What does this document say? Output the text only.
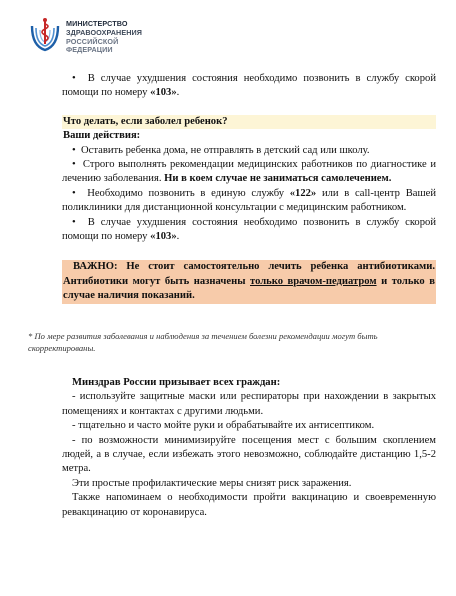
МИНИСТЕРСТВО
ЗДРАВООХРАНЕНИЯ
РОССИЙСКОЙ ФЕДЕРАЦИИ

•  В случае ухудшения состояния необходимо позвонить в службу скорой помощи по номеру «103».

Что делать, если заболел ребенок?

Ваши действия:

•  Оставить ребенка дома, не отправлять в детский сад или школу.

•  Строго выполнять рекомендации медицинских работников по диагностике и лечению заболевания. Ни в коем случае не заниматься самолечением.

•  Необходимо позвонить в единую службу «122» или в call-центр Вашей поликлиники для дистанционной консультации с медицинским работником.

•  В случае ухудшения состояния необходимо позвонить в службу скорой помощи по номеру «103».

ВАЖНО: Не стоит самостоятельно лечить ребенка антибиотиками. Антибиотики могут быть назначены только врачом-педиатром и только в случае наличия показаний.

* По мере развития заболевания и наблюдения за течением болезни рекомендации могут быть скорректированы.

Минздрав России призывает всех граждан:

- используйте защитные маски или респираторы при нахождении в закрытых помещениях и контактах с другими людьми.

- тщательно и часто мойте руки и обрабатывайте их антисептиком.

- по возможности минимизируйте посещения мест с большим скоплением людей, а в случае, если избежать этого невозможно, соблюдайте дистанцию 1,5-2 метра.

Эти простые профилактические меры снизят риск заражения.

Также напоминаем о необходимости пройти вакцинацию и своевременную ревакцинацию от коронавируса.
